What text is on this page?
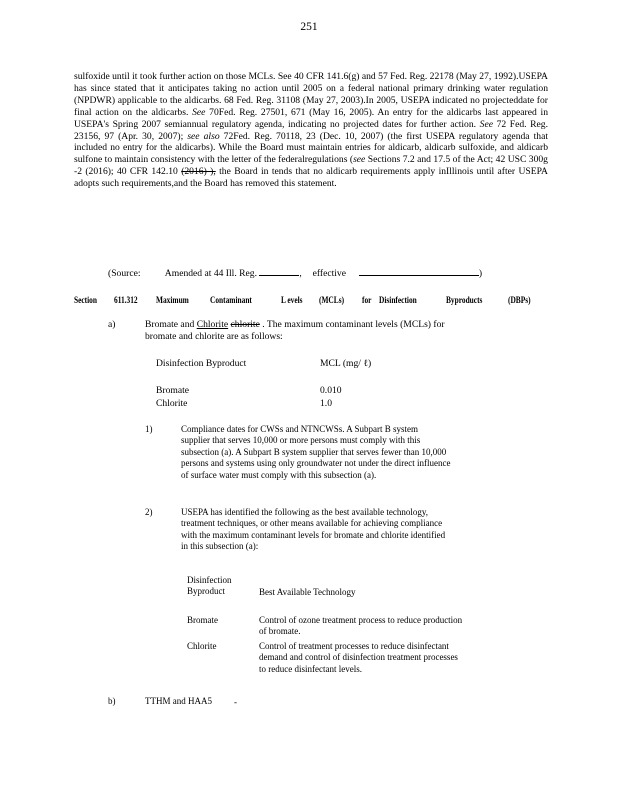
251
sulfoxide until it took further action on those MCLs. See 40 CFR 141.6(g) and 57 Fed. Reg. 22178 (May 27, 1992).USEPA has since stated that it anticipates taking no action until 2005 on a federal national primary drinking water regulation (NPDWR) applicable to the aldicarbs. 68 Fed. Reg. 31108 (May 27, 2003).In 2005, USEPA indicated no projecteddate for final action on the aldicarbs. See 70Fed. Reg. 27501, 671 (May 16, 2005). An entry for the aldicarbs last appeared in USEPA's Spring 2007 semiannual regulatory agenda, indicating no projected dates for further action. See 72 Fed. Reg. 23156, 97 (Apr. 30, 2007); see also 72Fed. Reg. 70118, 23 (Dec. 10, 2007) (the first USEPA regulatory agenda that included no entry for the aldicarbs). While the Board must maintain entries for aldicarb, aldicarb sulfoxide, and aldicarb sulfone to maintain consistency with the letter of the federalregulations (see Sections 7.2 and 17.5 of the Act; 42 USC 300g -2 (2016); 40 CFR 142.10 (2016) ), the Board in tends that no aldicarb requirements apply inIllinois until after USEPA adopts such requirements,and the Board has removed this statement.
(Source:	Amended at 44 Ill. Reg.	, effective	)
Section 611.312 Maximum	Contaminant	L evels (MCLs) for Disinfection	Byproducts	(DBPs)
a)	Bromate and Chlorite chlorite . The maximum contaminant levels (MCLs) for
bromate and chlorite are as follows:
Disinfection Byproduct	MCL (mg/ ℓ)
Bromate	0.010
Chlorite	1.0
1)	Compliance dates for CWSs and NTNCWSs. A Subpart B system
supplier that serves 10,000 or more persons must comply with this
subsection (a). A Subpart B system supplier that serves fewer than 10,000
persons and systems using only groundwater not under the direct influence
of surface water must comply with this subsection (a).
2)	USEPA has identified the following as the best available technology,
treatment techniques, or other means available for achieving compliance
with the maximum contaminant levels for bromate and chlorite identified
in this subsection (a):
Disinfection
Byproduct	Best Available Technology
Bromate	Control of ozone treatment process to reduce production
of bromate.
Chlorite	Control of treatment processes to reduce disinfectant
demand and control of disinfection treatment processes
to reduce disinfectant levels.
b)	TTHM and HAA5 -
